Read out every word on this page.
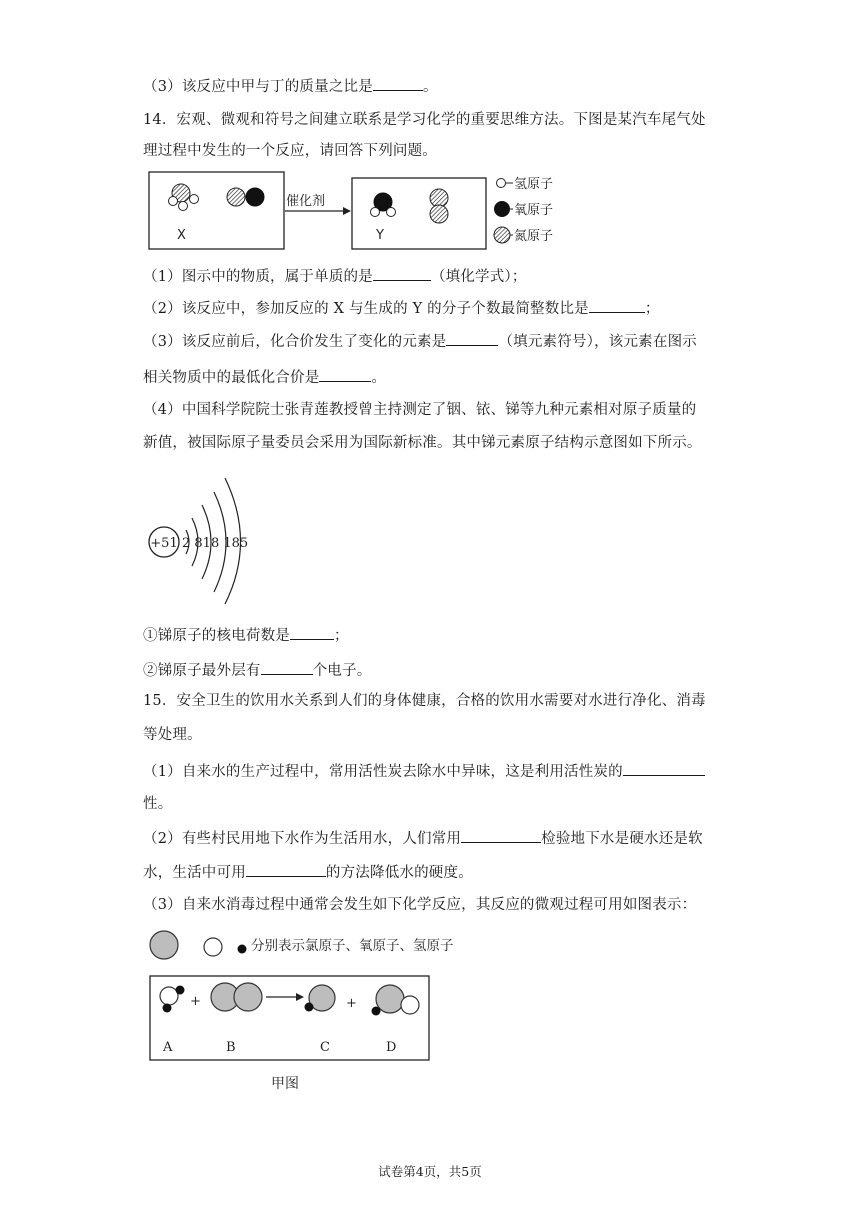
（3）该反应中甲与丁的质量之比是	。
14．宏观、微观和符号之间建立联系是学习化学的重要思维方法。下图是某汽车尾气处
理过程中发生的一个反应，请回答下列问题。
X
催化剂
Y
氢原子
氧原子
氮原子
（1）图示中的物质，属于单质的是	（填化学式）；
（2）该反应中，参加反应的 X 与生成的 Y 的分子个数最简整数比是	；
（3）该反应前后，化合价发生了变化的元素是	（填元素符号），该元素在图示
相关物质中的最低化合价是	。
（4）中国科学院院士张青莲教授曾主持测定了铟、铱、锑等九种元素相对原子质量的
新值，被国际原子量委员会采用为国际新标准。其中锑元素原子结构示意图如下所示。
+51 2 818 185
①锑原子的核电荷数是	；
②锑原子最外层有	个电子。
15．安全卫生的饮用水关系到人们的身体健康，合格的饮用水需要对水进行净化、消毒
等处理。
（1）自来水的生产过程中，常用活性炭去除水中异味，这是利用活性炭的
性。
（2）有些村民用地下水作为生活用水，人们常用	检验地下水是硬水还是软
水，生活中可用	的方法降低水的硬度。
（3）自来水消毒过程中通常会发生如下化学反应，其反应的微观过程可用如图表示：
分别表示氯原子、氧原子、氢原子
+	+
A	B	C	D
甲图
试卷第4页，共5页
